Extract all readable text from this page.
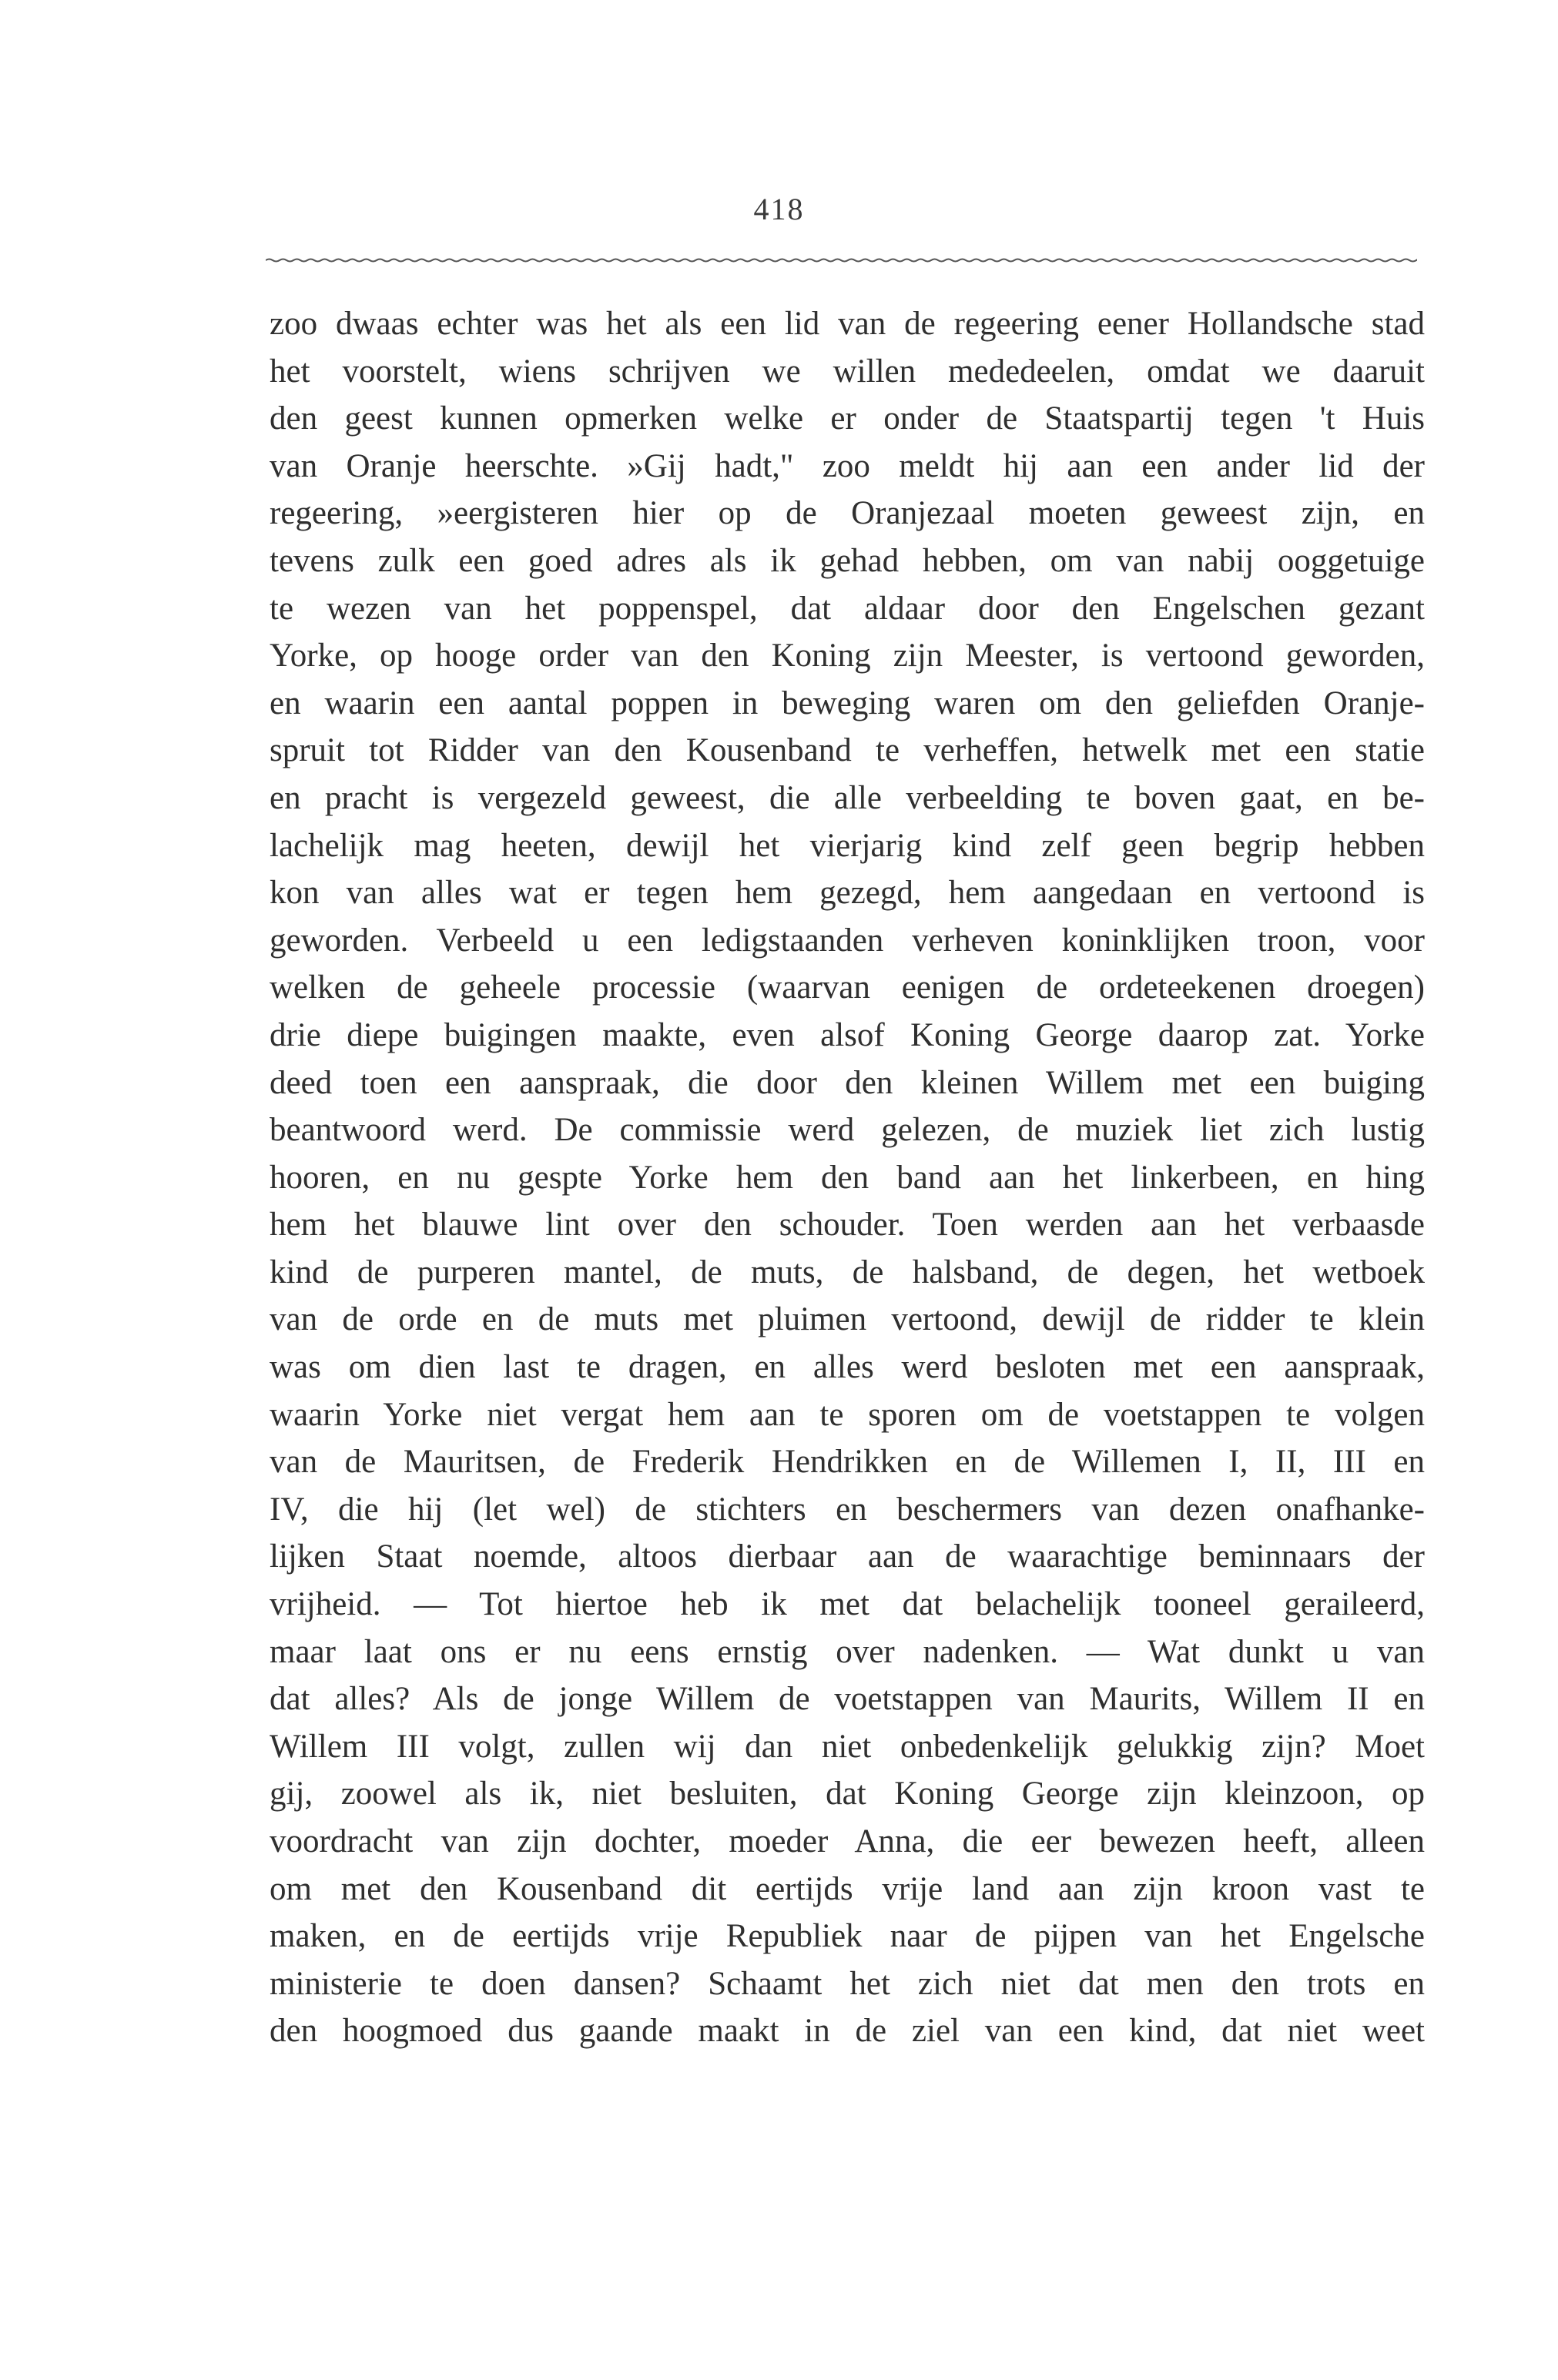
418
zoo dwaas echter was het als een lid van de regeering eener Hollandsche stad
het voorstelt, wiens schrijven we willen mededeelen, omdat we daaruit
den geest kunnen opmerken welke er onder de Staatspartij tegen 't Huis
van Oranje heerschte. »Gij hadt," zoo meldt hij aan een ander lid der
regeering, »eergisteren hier op de Oranjezaal moeten geweest zijn, en
tevens zulk een goed adres als ik gehad hebben, om van nabij ooggetuige
te wezen van het poppenspel, dat aldaar door den Engelschen gezant
Yorke, op hooge order van den Koning zijn Meester, is vertoond geworden,
en waarin een aantal poppen in beweging waren om den geliefden Oranje-
spruit tot Ridder van den Kousenband te verheffen, hetwelk met een statie
en pracht is vergezeld geweest, die alle verbeelding te boven gaat, en be-
lachelijk mag heeten, dewijl het vierjarig kind zelf geen begrip hebben
kon van alles wat er tegen hem gezegd, hem aangedaan en vertoond is
geworden. Verbeeld u een ledigstaanden verheven koninklijken troon, voor
welken de geheele processie (waarvan eenigen de ordeteekenen droegen)
drie diepe buigingen maakte, even alsof Koning George daarop zat. Yorke
deed toen een aanspraak, die door den kleinen Willem met een buiging
beantwoord werd. De commissie werd gelezen, de muziek liet zich lustig
hooren, en nu gespte Yorke hem den band aan het linkerbeen, en hing
hem het blauwe lint over den schouder. Toen werden aan het verbaasde
kind de purperen mantel, de muts, de halsband, de degen, het wetboek
van de orde en de muts met pluimen vertoond, dewijl de ridder te klein
was om dien last te dragen, en alles werd besloten met een aanspraak,
waarin Yorke niet vergat hem aan te sporen om de voetstappen te volgen
van de Mauritsen, de Frederik Hendrikken en de Willemen I, II, III en
IV, die hij (let wel) de stichters en beschermers van dezen onafhanke-
lijken Staat noemde, altoos dierbaar aan de waarachtige beminnaars der
vrijheid. — Tot hiertoe heb ik met dat belachelijk tooneel geraileerd,
maar laat ons er nu eens ernstig over nadenken. — Wat dunkt u van
dat alles? Als de jonge Willem de voetstappen van Maurits, Willem II en
Willem III volgt, zullen wij dan niet onbedenkelijk gelukkig zijn? Moet
gij, zoowel als ik, niet besluiten, dat Koning George zijn kleinzoon, op
voordracht van zijn dochter, moeder Anna, die eer bewezen heeft, alleen
om met den Kousenband dit eertijds vrije land aan zijn kroon vast te
maken, en de eertijds vrije Republiek naar de pijpen van het Engelsche
ministerie te doen dansen? Schaamt het zich niet dat men den trots en
den hoogmoed dus gaande maakt in de ziel van een kind, dat niet weet
